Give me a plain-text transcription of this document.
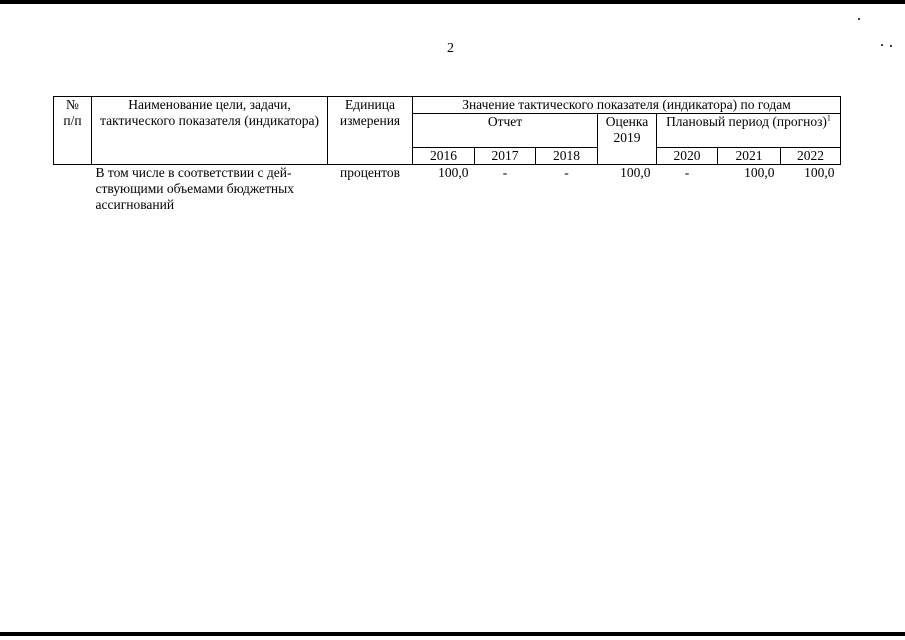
2
№
п/п	Наименование цели, задачи, тактического показателя (индикатора)	Единица измерения	Значение тактического показателя (индикатора) по годам						
			Отчет			Оценка 2019	Плановый период (прогноз)$^1$
			2016	2017	2018		2020	2021	2022
	В том числе в соответствии с дей-ствующими объемами бюджетных ассигнований	процентов	100,0	-	-	100,0	-	100,0	100,0
